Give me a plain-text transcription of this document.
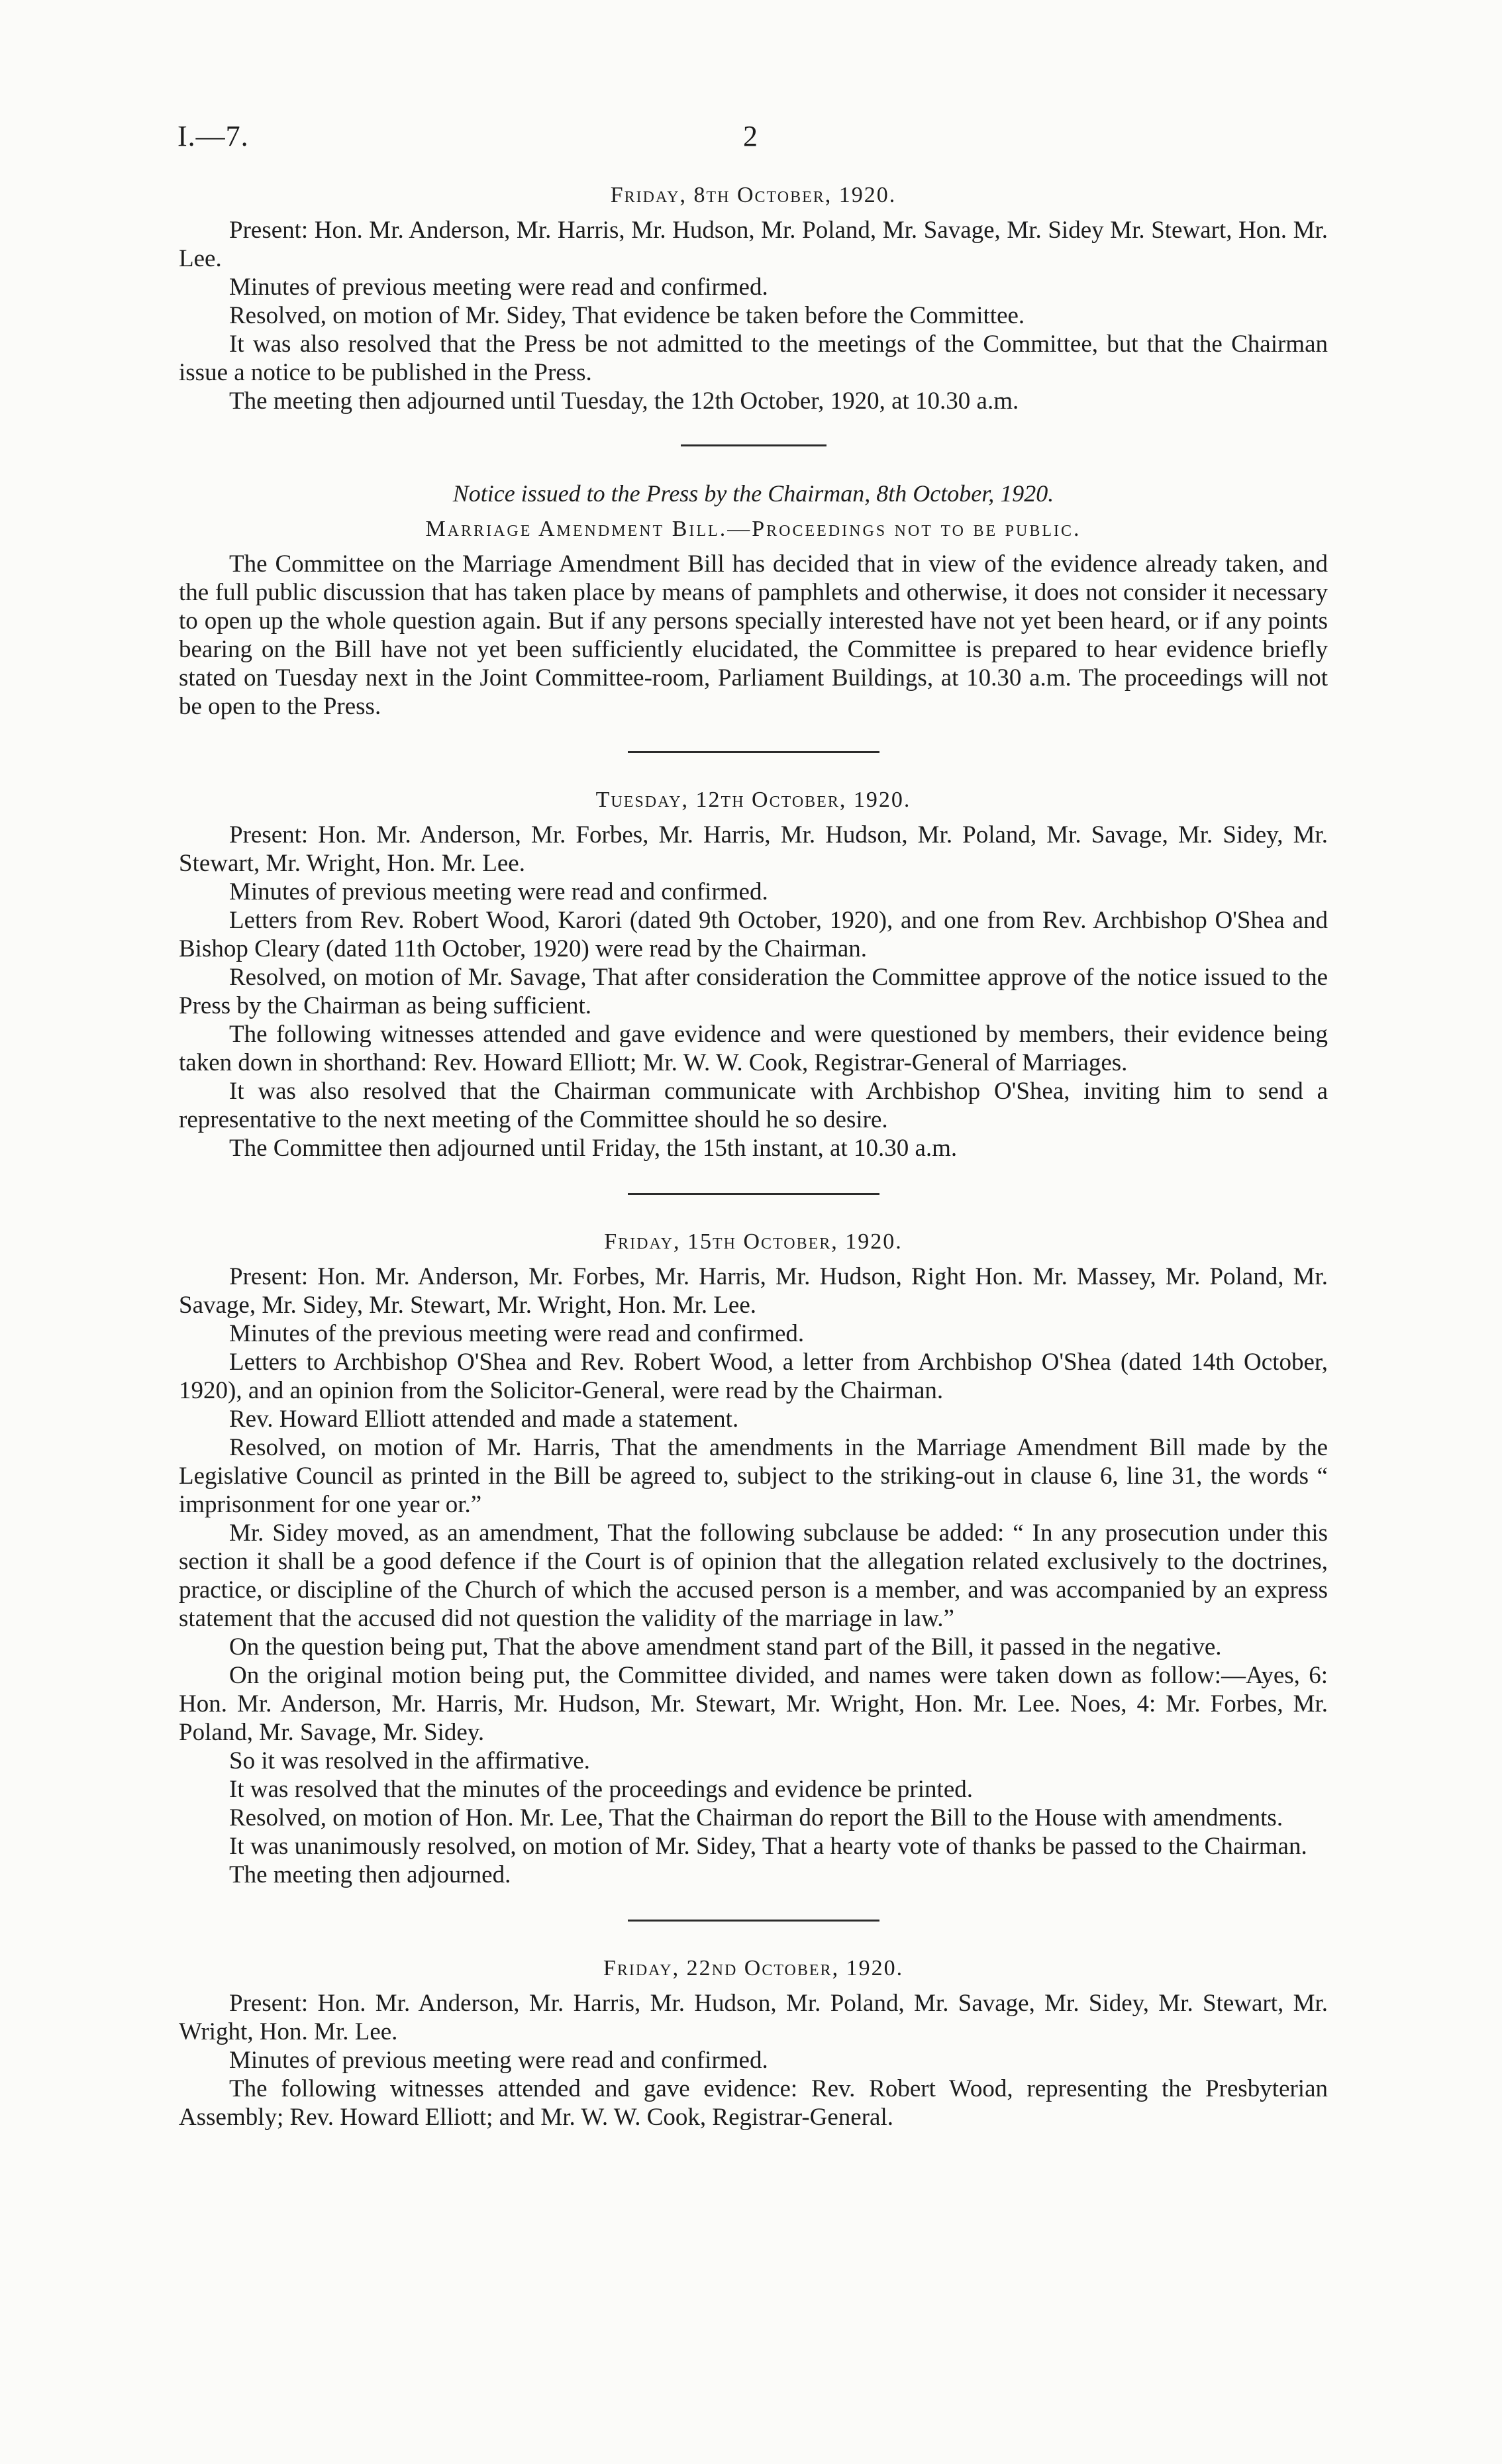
I.—7.	2
Friday, 8th October, 1920.

Present: Hon. Mr. Anderson, Mr. Harris, Mr. Hudson, Mr. Poland, Mr. Savage, Mr. Sidey Mr. Stewart, Hon. Mr. Lee.

Minutes of previous meeting were read and confirmed.

Resolved, on motion of Mr. Sidey, That evidence be taken before the Committee.

It was also resolved that the Press be not admitted to the meetings of the Committee, but that the Chairman issue a notice to be published in the Press.

The meeting then adjourned until Tuesday, the 12th October, 1920, at 10.30 a.m.

Notice issued to the Press by the Chairman, 8th October, 1920.
Marriage Amendment Bill.—Proceedings not to be public.

The Committee on the Marriage Amendment Bill has decided that in view of the evidence already taken, and the full public discussion that has taken place by means of pamphlets and otherwise, it does not consider it necessary to open up the whole question again. But if any persons specially interested have not yet been heard, or if any points bearing on the Bill have not yet been sufficiently elucidated, the Committee is prepared to hear evidence briefly stated on Tuesday next in the Joint Committee-room, Parliament Buildings, at 10.30 a.m. The proceedings will not be open to the Press.

Tuesday, 12th October, 1920.

Present: Hon. Mr. Anderson, Mr. Forbes, Mr. Harris, Mr. Hudson, Mr. Poland, Mr. Savage, Mr. Sidey, Mr. Stewart, Mr. Wright, Hon. Mr. Lee.

Minutes of previous meeting were read and confirmed.

Letters from Rev. Robert Wood, Karori (dated 9th October, 1920), and one from Rev. Archbishop O'Shea and Bishop Cleary (dated 11th October, 1920) were read by the Chairman.

Resolved, on motion of Mr. Savage, That after consideration the Committee approve of the notice issued to the Press by the Chairman as being sufficient.

The following witnesses attended and gave evidence and were questioned by members, their evidence being taken down in shorthand: Rev. Howard Elliott; Mr. W. W. Cook, Registrar-General of Marriages.

It was also resolved that the Chairman communicate with Archbishop O'Shea, inviting him to send a representative to the next meeting of the Committee should he so desire.

The Committee then adjourned until Friday, the 15th instant, at 10.30 a.m.

Friday, 15th October, 1920.

Present: Hon. Mr. Anderson, Mr. Forbes, Mr. Harris, Mr. Hudson, Right Hon. Mr. Massey, Mr. Poland, Mr. Savage, Mr. Sidey, Mr. Stewart, Mr. Wright, Hon. Mr. Lee.

Minutes of the previous meeting were read and confirmed.

Letters to Archbishop O'Shea and Rev. Robert Wood, a letter from Archbishop O'Shea (dated 14th October, 1920), and an opinion from the Solicitor-General, were read by the Chairman.

Rev. Howard Elliott attended and made a statement.

Resolved, on motion of Mr. Harris, That the amendments in the Marriage Amendment Bill made by the Legislative Council as printed in the Bill be agreed to, subject to the striking-out in clause 6, line 31, the words “ imprisonment for one year or.”

Mr. Sidey moved, as an amendment, That the following subclause be added: “ In any prosecution under this section it shall be a good defence if the Court is of opinion that the allegation related exclusively to the doctrines, practice, or discipline of the Church of which the accused person is a member, and was accompanied by an express statement that the accused did not question the validity of the marriage in law.”

On the question being put, That the above amendment stand part of the Bill, it passed in the negative.

On the original motion being put, the Committee divided, and names were taken down as follow:—Ayes, 6: Hon. Mr. Anderson, Mr. Harris, Mr. Hudson, Mr. Stewart, Mr. Wright, Hon. Mr. Lee. Noes, 4: Mr. Forbes, Mr. Poland, Mr. Savage, Mr. Sidey.

So it was resolved in the affirmative.

It was resolved that the minutes of the proceedings and evidence be printed.

Resolved, on motion of Hon. Mr. Lee, That the Chairman do report the Bill to the House with amendments.

It was unanimously resolved, on motion of Mr. Sidey, That a hearty vote of thanks be passed to the Chairman.

The meeting then adjourned.

Friday, 22nd October, 1920.

Present: Hon. Mr. Anderson, Mr. Harris, Mr. Hudson, Mr. Poland, Mr. Savage, Mr. Sidey, Mr. Stewart, Mr. Wright, Hon. Mr. Lee.

Minutes of previous meeting were read and confirmed.

The following witnesses attended and gave evidence: Rev. Robert Wood, representing the Presbyterian Assembly; Rev. Howard Elliott; and Mr. W. W. Cook, Registrar-General.
